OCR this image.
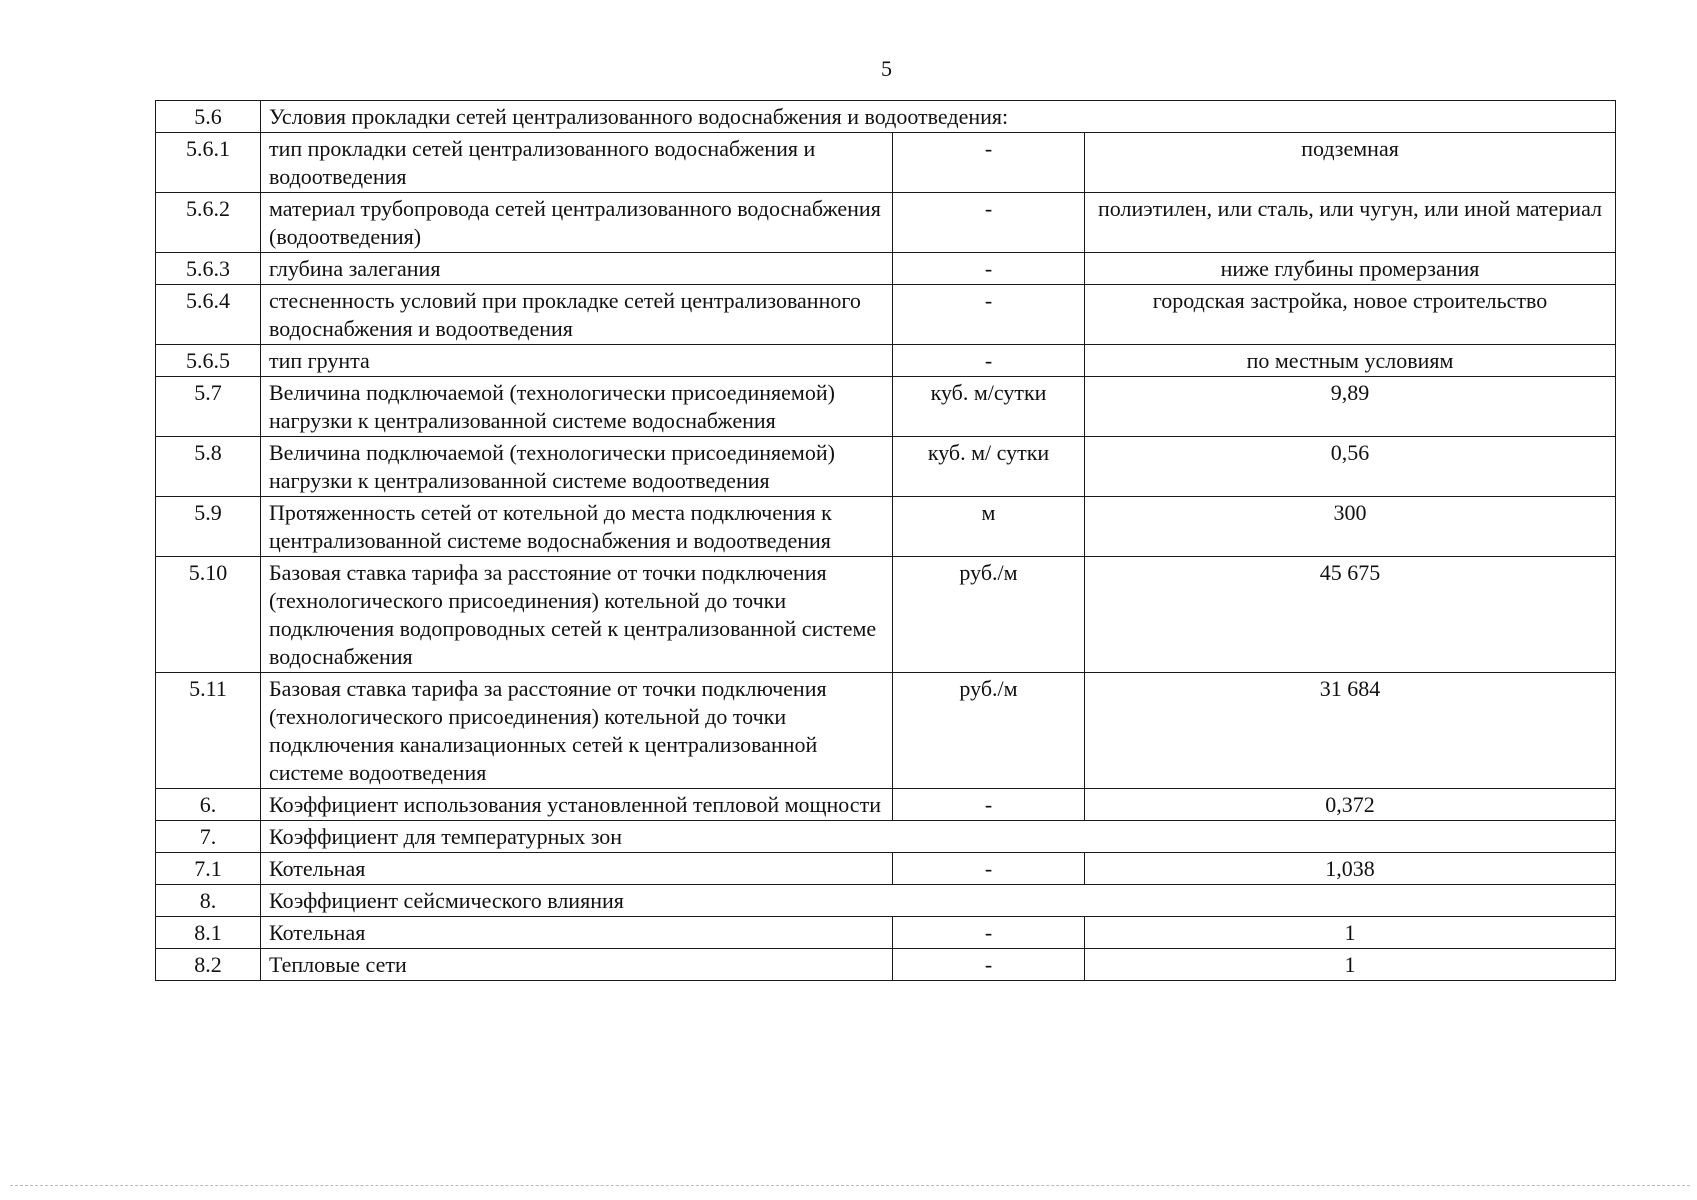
5
5.6	Условия прокладки сетей централизованного водоснабжения и водоотведения:		
5.6.1	тип прокладки сетей централизованного водоснабжения и водоотведения	-	подземная
5.6.2	материал трубопровода сетей централизованного водоснабжения (водоотведения)	-	полиэтилен, или сталь, или чугун, или иной материал
5.6.3	глубина залегания	-	ниже глубины промерзания
5.6.4	стесненность условий при прокладке сетей централизованного водоснабжения и водоотведения	-	городская застройка, новое строительство
5.6.5	тип грунта	-	по местным условиям
5.7	Величина подключаемой (технологически присоединяемой) нагрузки к централизованной системе водоснабжения	куб. м/сутки	9,89
5.8	Величина подключаемой (технологически присоединяемой) нагрузки к централизованной системе водоотведения	куб. м/ сутки	0,56
5.9	Протяженность сетей от котельной до места подключения к централизованной системе водоснабжения и водоотведения	м	300
5.10	Базовая ставка тарифа за расстояние от точки подключения (технологического присоединения) котельной до точки подключения водопроводных сетей к централизованной системе водоснабжения	руб./м	45 675
5.11	Базовая ставка тарифа за расстояние от точки подключения (технологического присоединения) котельной до точки подключения канализационных сетей к централизованной системе водоотведения	руб./м	31 684
6.	Коэффициент использования установленной тепловой мощности	-	0,372
7.	Коэффициент для температурных зон		
7.1	Котельная	-	1,038
8.	Коэффициент сейсмического влияния		
8.1	Котельная	-	1
8.2	Тепловые сети	-	1
